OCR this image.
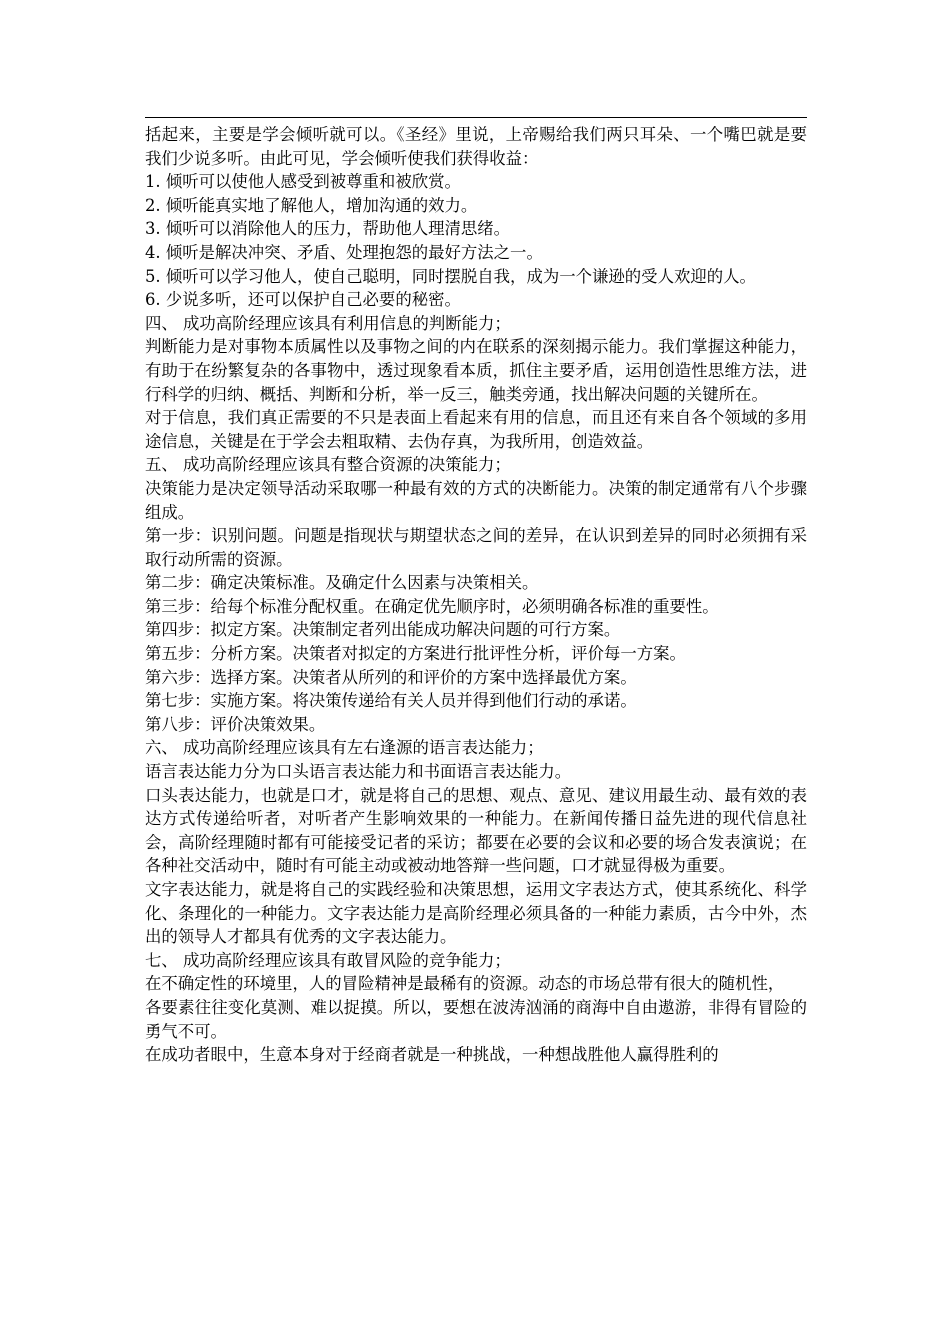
括起来，主要是学会倾听就可以。《圣经》里说，上帝赐给我们两只耳朵、一个嘴巴就是要我们少说多听。由此可见，学会倾听使我们获得收益：

1. 倾听可以使他人感受到被尊重和被欣赏。

2. 倾听能真实地了解他人，增加沟通的效力。

3. 倾听可以消除他人的压力，帮助他人理清思绪。

4. 倾听是解决冲突、矛盾、处理抱怨的最好方法之一。

5. 倾听可以学习他人，使自己聪明，同时摆脱自我，成为一个谦逊的受人欢迎的人。

6. 少说多听，还可以保护自己必要的秘密。

四、 成功高阶经理应该具有利用信息的判断能力；

判断能力是对事物本质属性以及事物之间的内在联系的深刻揭示能力。我们掌握这种能力，有助于在纷繁复杂的各事物中，透过现象看本质，抓住主要矛盾，运用创造性思维方法，进行科学的归纳、概括、判断和分析，举一反三，触类旁通，找出解决问题的关键所在。

对于信息，我们真正需要的不只是表面上看起来有用的信息，而且还有来自各个领域的多用途信息，关键是在于学会去粗取精、去伪存真，为我所用，创造效益。

五、 成功高阶经理应该具有整合资源的决策能力；

决策能力是决定领导活动采取哪一种最有效的方式的决断能力。决策的制定通常有八个步骤组成。

第一步：识别问题。问题是指现状与期望状态之间的差异，在认识到差异的同时必须拥有采取行动所需的资源。

第二步：确定决策标准。及确定什么因素与决策相关。

第三步：给每个标准分配权重。在确定优先顺序时，必须明确各标准的重要性。

第四步：拟定方案。决策制定者列出能成功解决问题的可行方案。

第五步：分析方案。决策者对拟定的方案进行批评性分析，评价每一方案。

第六步：选择方案。决策者从所列的和评价的方案中选择最优方案。

第七步：实施方案。将决策传递给有关人员并得到他们行动的承诺。

第八步：评价决策效果。

六、 成功高阶经理应该具有左右逢源的语言表达能力；

语言表达能力分为口头语言表达能力和书面语言表达能力。

口头表达能力，也就是口才，就是将自己的思想、观点、意见、建议用最生动、最有效的表达方式传递给听者，对听者产生影响效果的一种能力。在新闻传播日益先进的现代信息社会，高阶经理随时都有可能接受记者的采访；都要在必要的会议和必要的场合发表演说；在各种社交活动中，随时有可能主动或被动地答辩一些问题，口才就显得极为重要。

文字表达能力，就是将自己的实践经验和决策思想，运用文字表达方式，使其系统化、科学化、条理化的一种能力。文字表达能力是高阶经理必须具备的一种能力素质，古今中外，杰出的领导人才都具有优秀的文字表达能力。

七、 成功高阶经理应该具有敢冒风险的竞争能力；

在不确定性的环境里，人的冒险精神是最稀有的资源。动态的市场总带有很大的随机性，

各要素往往变化莫测、难以捉摸。所以，要想在波涛汹涌的商海中自由遨游，非得有冒险的勇气不可。

在成功者眼中，生意本身对于经商者就是一种挑战，一种想战胜他人赢得胜利的
